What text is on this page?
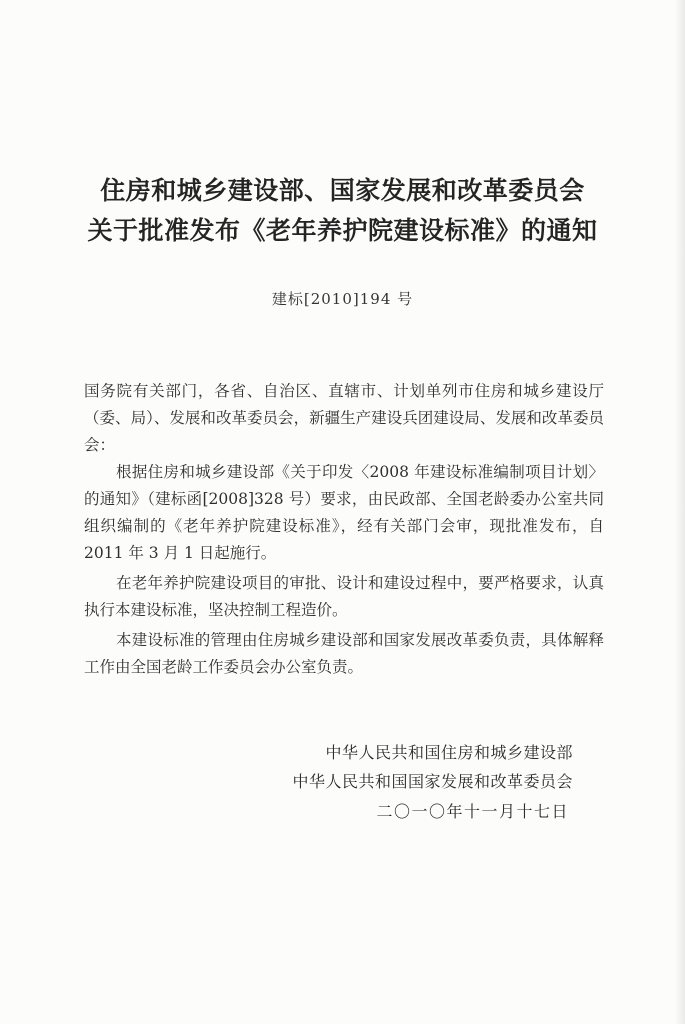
住房和城乡建设部、国家发展和改革委员会
关于批准发布《老年养护院建设标准》的通知
建标[2010]194 号

国务院有关部门，各省、自治区、直辖市、计划单列市住房和城乡建设厅（委、局）、发展和改革委员会，新疆生产建设兵团建设局、发展和改革委员会：

根据住房和城乡建设部《关于印发〈2008 年建设标准编制项目计划〉的通知》（建标函[2008]328 号）要求，由民政部、全国老龄委办公室共同组织编制的《老年养护院建设标准》，经有关部门会审，现批准发布，自 2011 年 3 月 1 日起施行。

在老年养护院建设项目的审批、设计和建设过程中，要严格要求，认真执行本建设标准，坚决控制工程造价。

本建设标准的管理由住房城乡建设部和国家发展改革委负责，具体解释工作由全国老龄工作委员会办公室负责。

中华人民共和国住房和城乡建设部
中华人民共和国国家发展和改革委员会
二〇一〇年十一月十七日
